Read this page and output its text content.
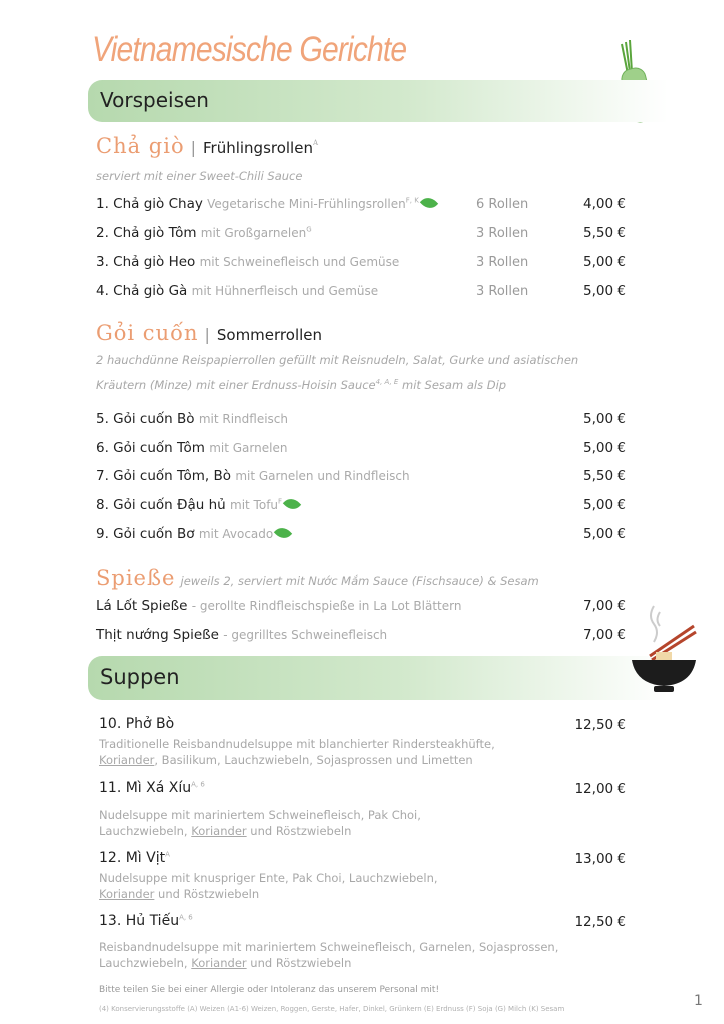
Vietnamesische Gerichte
Vorspeisen
Chả giò | Frühlingsrollen$^A$
serviert mit einer Sweet-Chili Sauce
1. Chả giò Chay Vegetarische Mini-Frühlingsrollen$^{F, K}$	6 Rollen	4,00 €
2. Chả giò Tôm mit Großgarnelen$^G$	3 Rollen	5,50 €
3. Chả giò Heo mit Schweinefleisch und Gemüse	3 Rollen	5,00 €
4. Chả giò Gà mit Hühnerfleisch und Gemüse	3 Rollen	5,00 €
Gỏi cuốn | Sommerrollen
2 hauchdünne Reispapierrollen gefüllt mit Reisnudeln, Salat, Gurke und asiatischen
Kräutern (Minze) mit einer Erdnuss-Hoisin Sauce$^{4, A, E}$ mit Sesam als Dip
5. Gỏi cuốn Bò mit Rindfleisch	5,00 €
6. Gỏi cuốn Tôm mit Garnelen	5,00 €
7. Gỏi cuốn Tôm, Bò mit Garnelen und Rindfleisch	5,50 €
8. Gỏi cuốn Đậu hủ mit Tofu$^F$	5,00 €
9. Gỏi cuốn Bơ mit Avocado	5,00 €
Spieße jeweils 2, serviert mit Nước Mắm Sauce (Fischsauce) & Sesam
Lá Lốt Spieße - gerollte Rindfleischspieße in La Lot Blättern	7,00 €
Thịt nướng Spieße - gegrilltes Schweinefleisch	7,00 €
Suppen
10. Phở Bò	12,50 €
Traditionelle Reisbandnudelsuppe mit blanchierter Rindersteakhüfte,
Koriander, Basilikum, Lauchzwiebeln, Sojasprossen und Limetten
11. Mì Xá Xíu$^{A, 6}$	12,00 €
Nudelsuppe mit mariniertem Schweinefleisch, Pak Choi,
Lauchzwiebeln, Koriander und Röstzwiebeln
12. Mì Vịt$^A$	13,00 €
Nudelsuppe mit knuspriger Ente, Pak Choi, Lauchzwiebeln,
Koriander und Röstzwiebeln
13. Hủ Tiếu$^{A, 6}$	12,50 €
Reisbandnudelsuppe mit mariniertem Schweinefleisch, Garnelen, Sojasprossen,
Lauchzwiebeln, Koriander und Röstzwiebeln
Bitte teilen Sie bei einer Allergie oder Intoleranz das unserem Personal mit!
(4) Konservierungsstoffe (A) Weizen (A1-6) Weizen, Roggen, Gerste, Hafer, Dinkel, Grünkern (E) Erdnuss (F) Soja (G) Milch (K) Sesam	1
